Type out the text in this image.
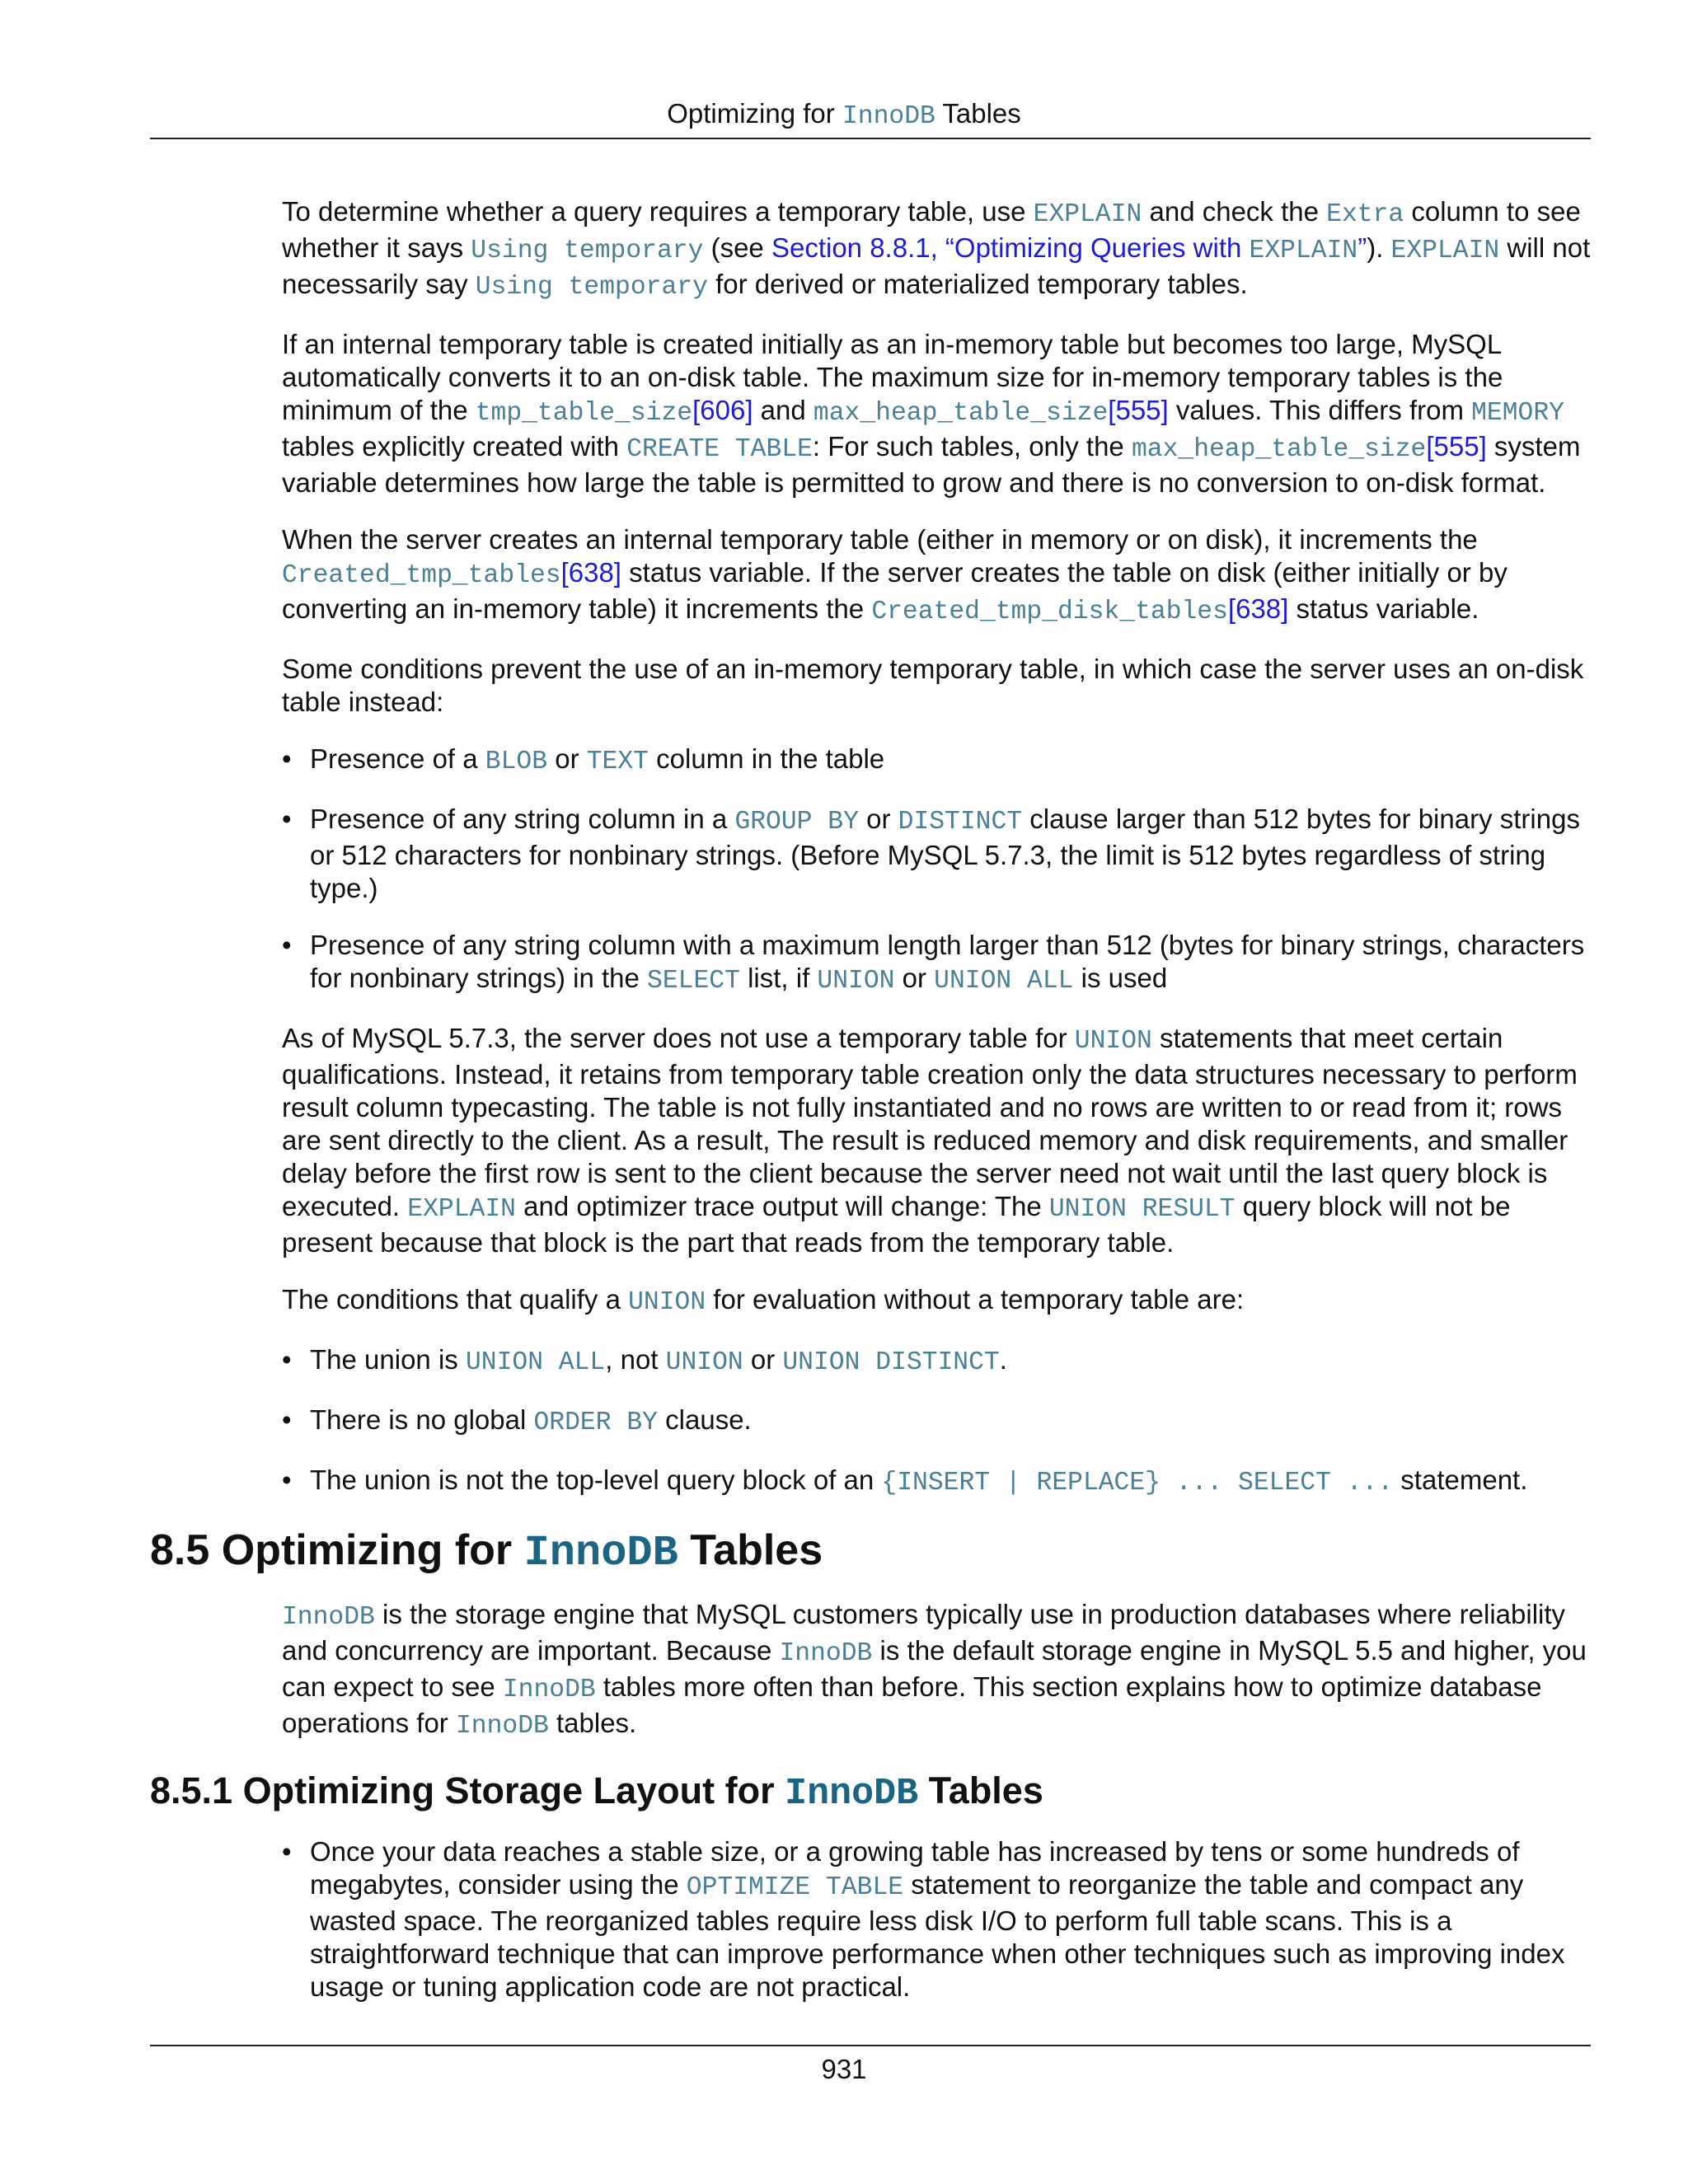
Optimizing for InnoDB Tables

To determine whether a query requires a temporary table, use EXPLAIN and check the Extra column to see whether it says Using temporary (see Section 8.8.1, “Optimizing Queries with EXPLAIN”). EXPLAIN will not necessarily say Using temporary for derived or materialized temporary tables.

If an internal temporary table is created initially as an in-memory table but becomes too large, MySQL automatically converts it to an on-disk table. The maximum size for in-memory temporary tables is the minimum of the tmp_table_size[606] and max_heap_table_size[555] values. This differs from MEMORY tables explicitly created with CREATE TABLE: For such tables, only the max_heap_table_size[555] system variable determines how large the table is permitted to grow and there is no conversion to on-disk format.

When the server creates an internal temporary table (either in memory or on disk), it increments the Created_tmp_tables[638] status variable. If the server creates the table on disk (either initially or by converting an in-memory table) it increments the Created_tmp_disk_tables[638] status variable.

Some conditions prevent the use of an in-memory temporary table, in which case the server uses an on-disk table instead:

• Presence of a BLOB or TEXT column in the table
• Presence of any string column in a GROUP BY or DISTINCT clause larger than 512 bytes for binary strings or 512 characters for nonbinary strings. (Before MySQL 5.7.3, the limit is 512 bytes regardless of string type.)
• Presence of any string column with a maximum length larger than 512 (bytes for binary strings, characters for nonbinary strings) in the SELECT list, if UNION or UNION ALL is used

As of MySQL 5.7.3, the server does not use a temporary table for UNION statements that meet certain qualifications. Instead, it retains from temporary table creation only the data structures necessary to perform result column typecasting. The table is not fully instantiated and no rows are written to or read from it; rows are sent directly to the client. As a result, The result is reduced memory and disk requirements, and smaller delay before the first row is sent to the client because the server need not wait until the last query block is executed. EXPLAIN and optimizer trace output will change: The UNION RESULT query block will not be present because that block is the part that reads from the temporary table.

The conditions that qualify a UNION for evaluation without a temporary table are:

• The union is UNION ALL, not UNION or UNION DISTINCT.
• There is no global ORDER BY clause.
• The union is not the top-level query block of an {INSERT | REPLACE} ... SELECT ... statement.
8.5 Optimizing for InnoDB Tables

InnoDB is the storage engine that MySQL customers typically use in production databases where reliability and concurrency are important. Because InnoDB is the default storage engine in MySQL 5.5 and higher, you can expect to see InnoDB tables more often than before. This section explains how to optimize database operations for InnoDB tables.

8.5.1 Optimizing Storage Layout for InnoDB Tables
• Once your data reaches a stable size, or a growing table has increased by tens or some hundreds of megabytes, consider using the OPTIMIZE TABLE statement to reorganize the table and compact any wasted space. The reorganized tables require less disk I/O to perform full table scans. This is a straightforward technique that can improve performance when other techniques such as improving index usage or tuning application code are not practical.
931
